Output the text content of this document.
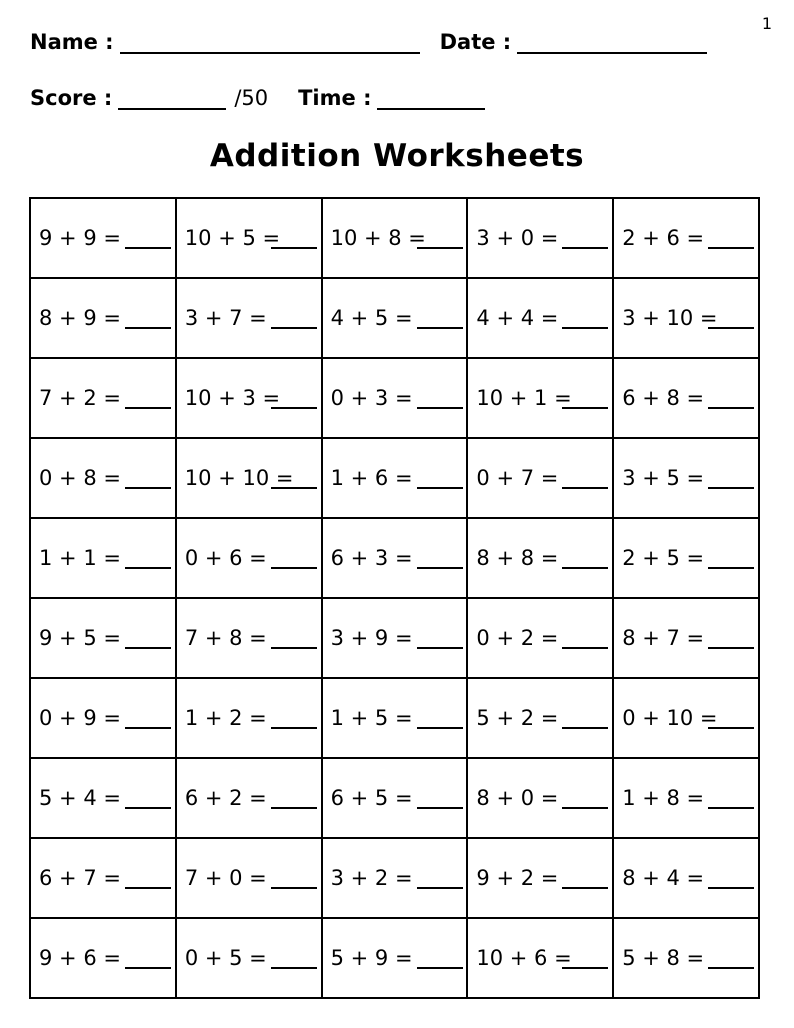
1
Name :	Date :
Score :	/50 Time :
Addition Worksheets
9 + 9 =	10 + 5 =	10 + 8 =	3 + 0 =	2 + 6 =

8 + 9 =	3 + 7 =	4 + 5 =	4 + 4 =	3 + 10 =

7 + 2 =	10 + 3 =	0 + 3 =	10 + 1 =	6 + 8 =

0 + 8 =	10 + 10 =	1 + 6 =	0 + 7 =	3 + 5 =

1 + 1 =	0 + 6 =	6 + 3 =	8 + 8 =	2 + 5 =

9 + 5 =	7 + 8 =	3 + 9 =	0 + 2 =	8 + 7 =

0 + 9 =	1 + 2 =	1 + 5 =	5 + 2 =	0 + 10 =

5 + 4 =	6 + 2 =	6 + 5 =	8 + 0 =	1 + 8 =

6 + 7 =	7 + 0 =	3 + 2 =	9 + 2 =	8 + 4 =

9 + 6 =	0 + 5 =	5 + 9 =	10 + 6 =	5 + 8 =
